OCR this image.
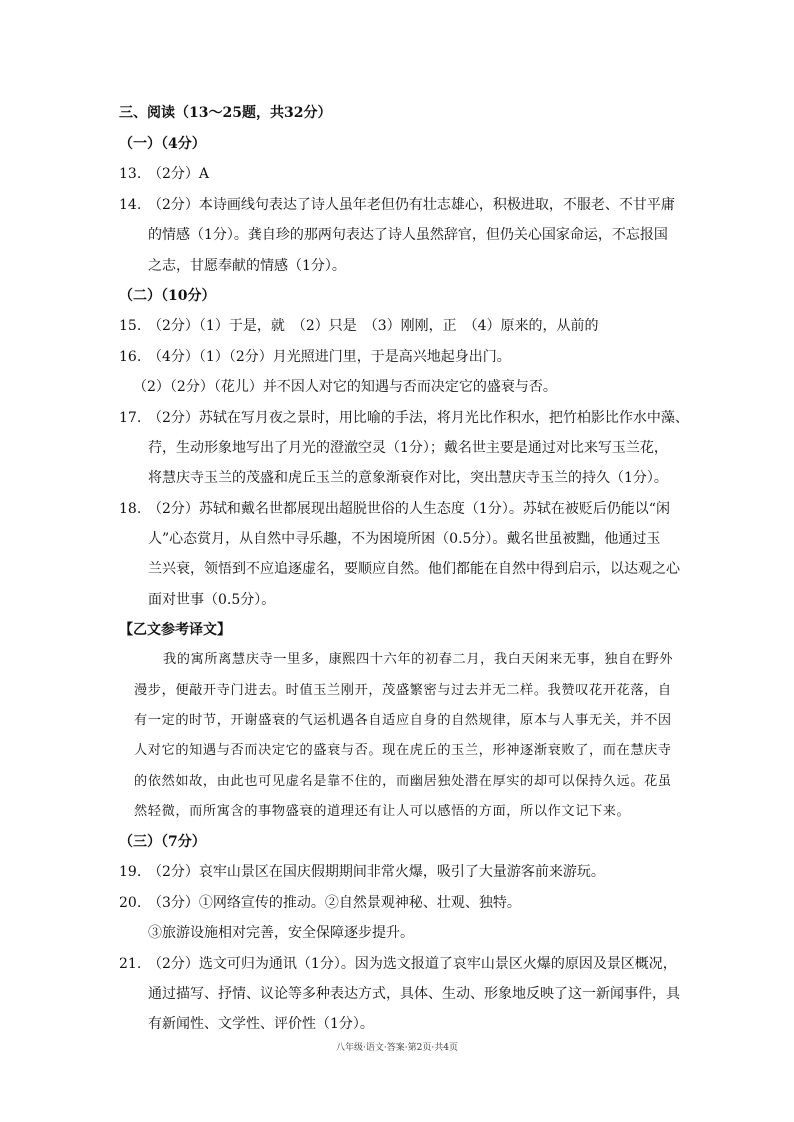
三、阅读（13～25题，共32分）
（一）（4分）
13. （2分）A
14. （2分）本诗画线句表达了诗人虽年老但仍有壮志雄心，积极进取，不服老、不甘平庸
的情感（1分）。龚自珍的那两句表达了诗人虽然辞官，但仍关心国家命运，不忘报国
之志，甘愿奉献的情感（1分）。
（二）（10分）
15. （2分）（1）于是，就　（2）只是　（3）刚刚，正　（4）原来的，从前的
16. （4分）（1）（2分）月光照进门里，于是高兴地起身出门。
（2）（2分）（花儿）并不因人对它的知遇与否而决定它的盛衰与否。
17. （2分）苏轼在写月夜之景时，用比喻的手法，将月光比作积水，把竹柏影比作水中藻、
荇，生动形象地写出了月光的澄澈空灵（1分）；戴名世主要是通过对比来写玉兰花，
将慧庆寺玉兰的茂盛和虎丘玉兰的意象渐衰作对比，突出慧庆寺玉兰的持久（1分）。
18. （2分）苏轼和戴名世都展现出超脱世俗的人生态度（1分）。苏轼在被贬后仍能以“闲
人”心态赏月，从自然中寻乐趣，不为困境所困（0.5分）。戴名世虽被黜，他通过玉
兰兴衰，领悟到不应追逐虚名，要顺应自然。他们都能在自然中得到启示，以达观之心
面对世事（0.5分）。
【乙文参考译文】
我的寓所离慧庆寺一里多，康熙四十六年的初春二月，我白天闲来无事，独自在野外
漫步，便敲开寺门进去。时值玉兰刚开，茂盛繁密与过去并无二样。我赞叹花开花落，自
有一定的时节，开谢盛衰的气运机遇各自适应自身的自然规律，原本与人事无关，并不因
人对它的知遇与否而决定它的盛衰与否。现在虎丘的玉兰，形神逐渐衰败了，而在慧庆寺
的依然如故，由此也可见虚名是靠不住的，而幽居独处潜在厚实的却可以保持久远。花虽
然轻微，而所寓含的事物盛衰的道理还有让人可以感悟的方面，所以作文记下来。
（三）（7分）
19. （2分）哀牢山景区在国庆假期期间非常火爆，吸引了大量游客前来游玩。
20. （3分）①网络宣传的推动。②自然景观神秘、壮观、独特。
③旅游设施相对完善，安全保障逐步提升。
21. （2分）选文可归为通讯（1分）。因为选文报道了哀牢山景区火爆的原因及景区概况，
通过描写、抒情、议论等多种表达方式，具体、生动、形象地反映了这一新闻事件，具
有新闻性、文学性、评价性（1分）。
八年级·语文·答案·第2页·共4页
